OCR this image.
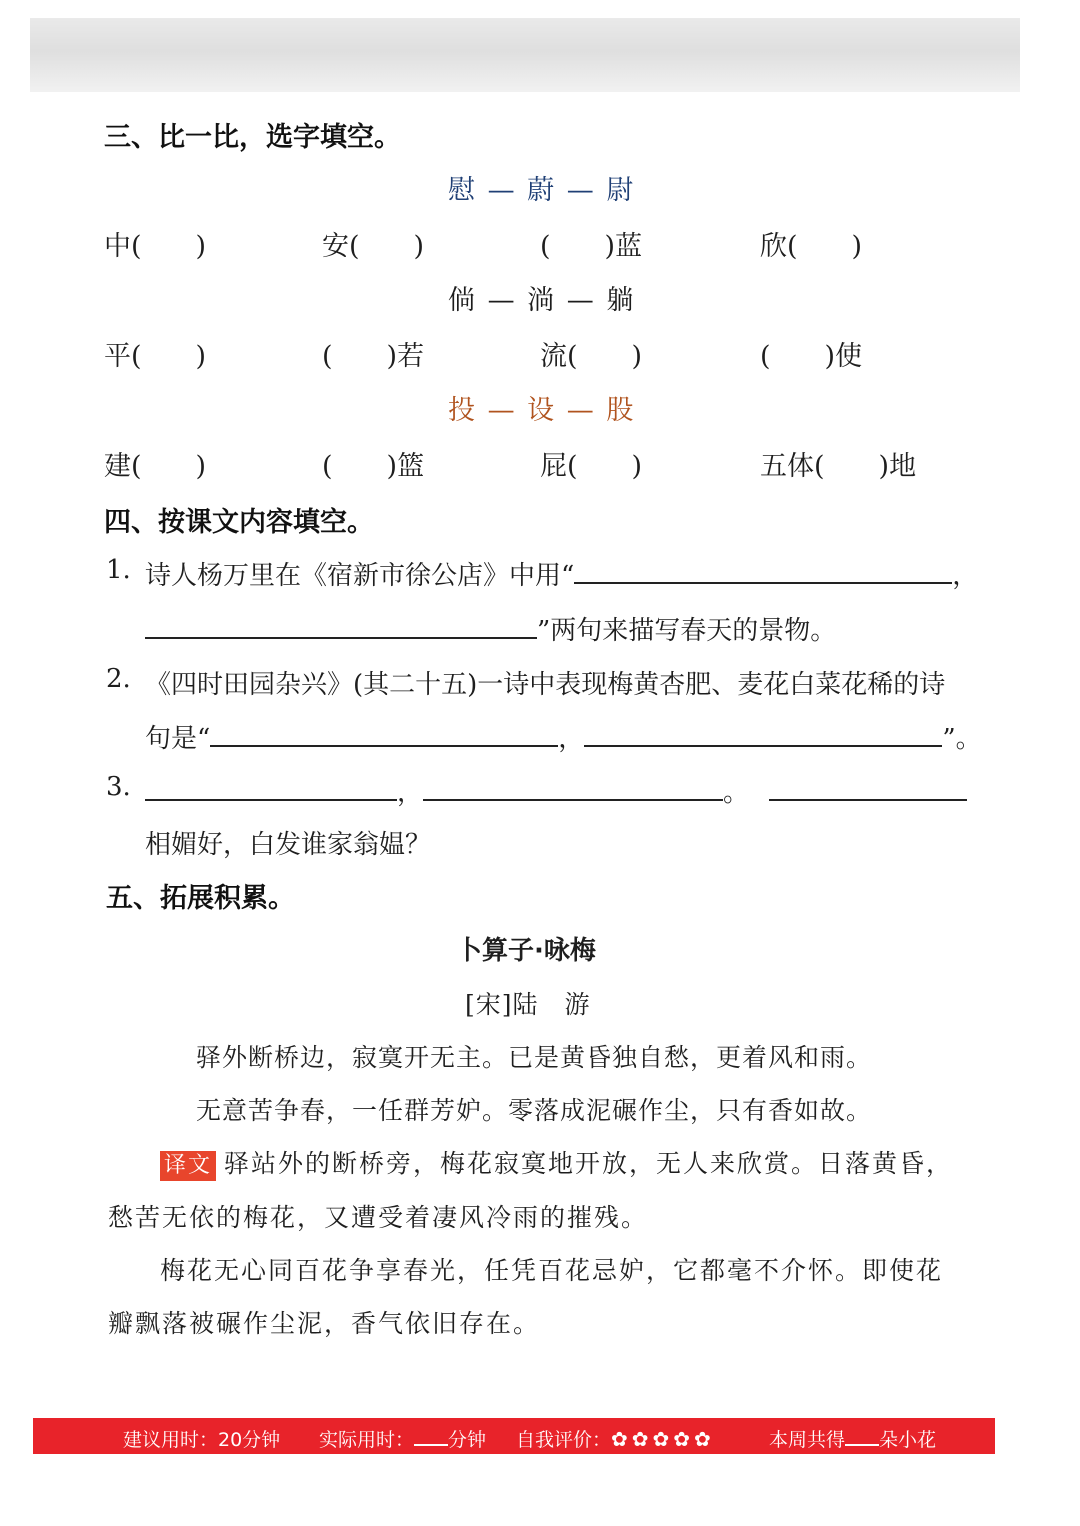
三、比一比，选字填空。
慰 — 蔚 — 尉
中(　　)	安(　　)	(　　)蓝	欣(　　)
倘 — 淌 — 躺
平(　　)	(　　)若	流(　　)	(　　)使
投 — 设 — 股
建(　　)	(　　)篮	屁(　　)	五体(　　)地
四、按课文内容填空。
1. 诗人杨万里在《宿新市徐公店》中用“	，
”两句来描写春天的景物。
2. 《四时田园杂兴》(其二十五)一诗中表现梅黄杏肥、麦花白菜花稀的诗
句是“	，	”。
3.	，	。
相媚好，白发谁家翁媪？
五、拓展积累。
卜算子·咏梅
[宋]陆　游
驿外断桥边，寂寞开无主。已是黄昏独自愁，更着风和雨。
无意苦争春，一任群芳妒。零落成泥碾作尘，只有香如故。
译文 驿站外的断桥旁，梅花寂寞地开放，无人来欣赏。日落黄昏，
愁苦无依的梅花，又遭受着凄风冷雨的摧残。
梅花无心同百花争享春光，任凭百花忌妒，它都毫不介怀。即使花
瓣飘落被碾作尘泥，香气依旧存在。
建议用时：20分钟 实际用时： 分钟 自我评价：✿✿✿✿✿	本周共得 朵小花
